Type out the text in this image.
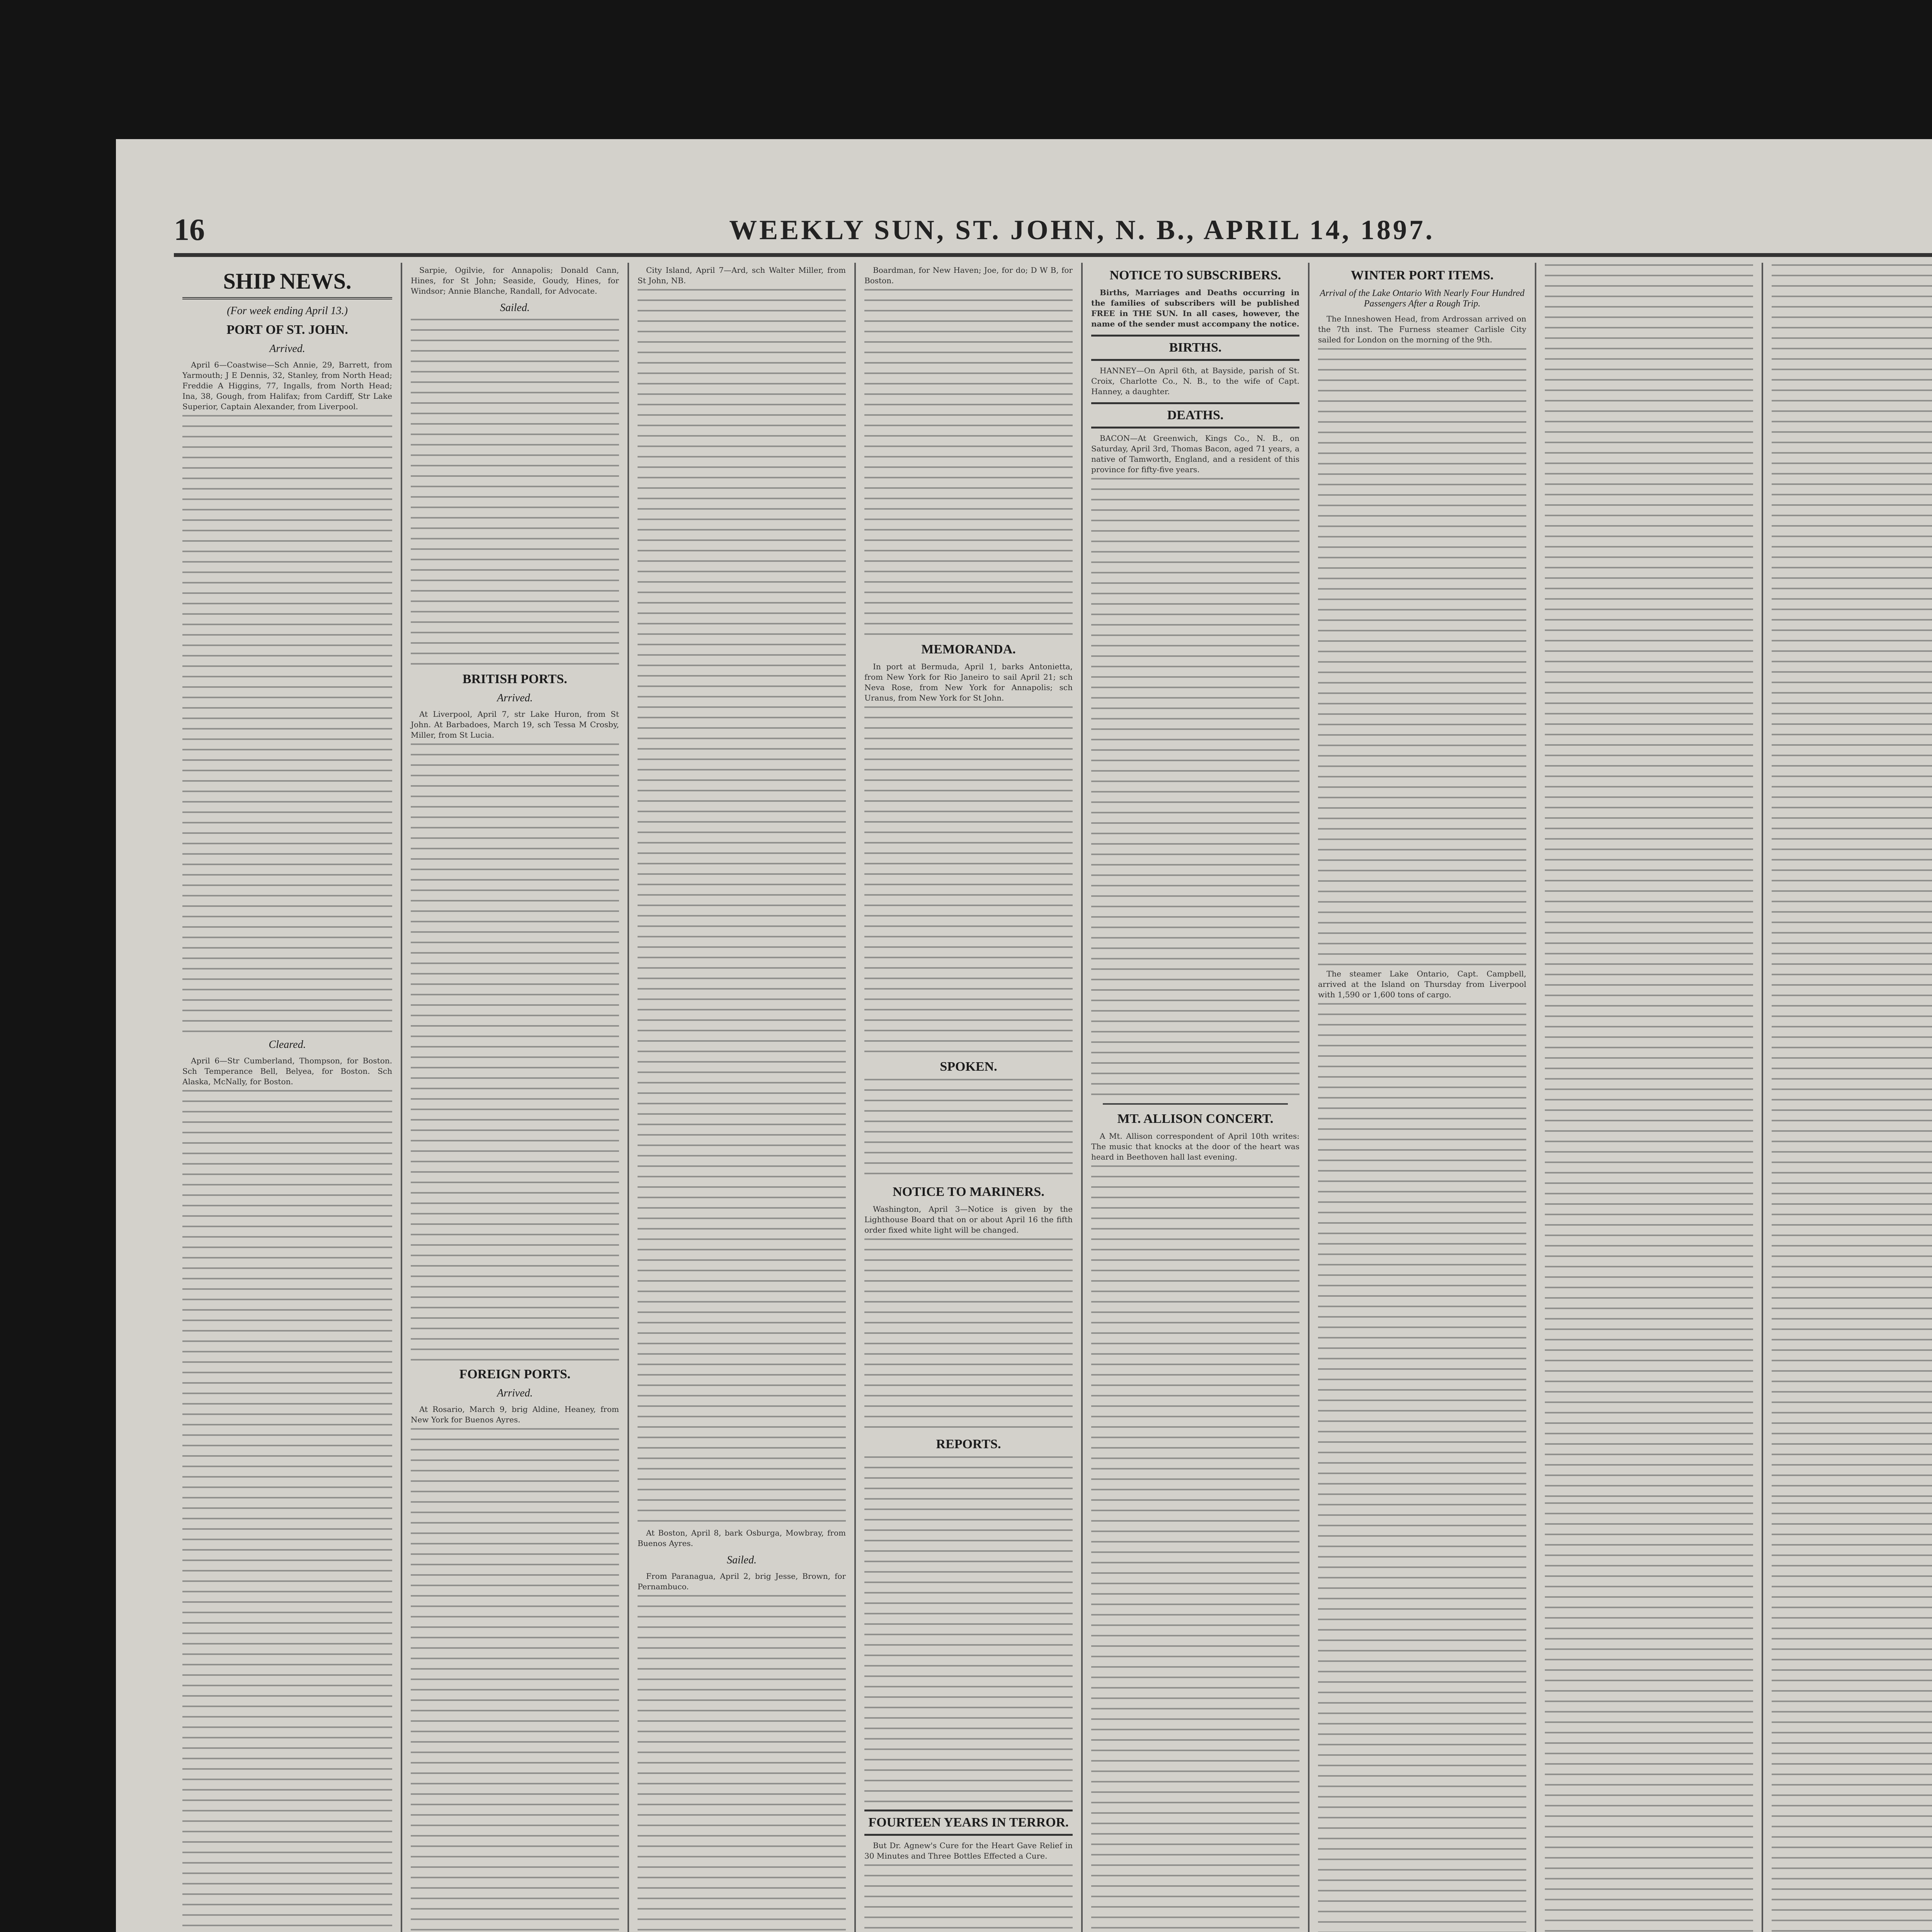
16	WEEKLY SUN, ST. JOHN, N. B., APRIL 14, 1897.
SHIP NEWS.
(For week ending April 13.)
PORT OF ST. JOHN.
Arrived.

April 6—Coastwise—Sch Annie, 29, Barrett, from Yarmouth; J E Dennis, 32, Stanley, from North Head; Freddie A Higgins, 77, Ingalls, from North Head; Ina, 38, Gough, from Halifax; from Cardiff, Str Lake Superior, Captain Alexander, from Liverpool.

Cleared.

April 6—Str Cumberland, Thompson, for Boston. Sch Temperance Bell, Belyea, for Boston. Sch Alaska, McNally, for Boston.

Sarpie, Ogilvie, for Annapolis; Donald Cann, Hines, for St John; Seaside, Goudy, Hines, for Windsor; Annie Blanche, Randall, for Advocate.

Sailed.
BRITISH PORTS.
Arrived.

At Liverpool, April 7, str Lake Huron, from St John. At Barbadoes, March 19, sch Tessa M Crosby, Miller, from St Lucia.

FOREIGN PORTS.
Arrived.

At Rosario, March 9, brig Aldine, Heaney, from New York for Buenos Ayres.

City Island, April 7—Ard, sch Walter Miller, from St John, NB.

At Boston, April 8, bark Osburga, Mowbray, from Buenos Ayres.

Sailed.

From Paranagua, April 2, brig Jesse, Brown, for Pernambuco.

Boardman, for New Haven; Joe, for do; D W B, for Boston.

MEMORANDA.

In port at Bermuda, April 1, barks Antonietta, from New York for Rio Janeiro to sail April 21; sch Neva Rose, from New York for Annapolis; sch Uranus, from New York for St John.

SPOKEN.
NOTICE TO MARINERS.

Washington, April 3—Notice is given by the Lighthouse Board that on or about April 16 the fifth order fixed white light will be changed.

REPORTS.
FOURTEEN YEARS IN TERROR.

But Dr. Agnew's Cure for the Heart Gave Relief in 30 Minutes and Three Bottles Effected a Cure.

NOTICE TO SUBSCRIBERS.

Births, Marriages and Deaths occurring in the families of subscribers will be published FREE in THE SUN. In all cases, however, the name of the sender must accompany the notice.

BIRTHS.

HANNEY—On April 6th, at Bayside, parish of St. Croix, Charlotte Co., N. B., to the wife of Capt. Hanney, a daughter.

DEATHS.

BACON—At Greenwich, Kings Co., N. B., on Saturday, April 3rd, Thomas Bacon, aged 71 years, a native of Tamworth, England, and a resident of this province for fifty-five years.

MT. ALLISON CONCERT.

A Mt. Allison correspondent of April 10th writes: The music that knocks at the door of the heart was heard in Beethoven hall last evening.

WINTER PORT ITEMS.
Arrival of the Lake Ontario With Nearly Four Hundred Passengers After a Rough Trip.

The Inneshowen Head, from Ardrossan arrived on the 7th inst. The Furness steamer Carlisle City sailed for London on the morning of the 9th.

The steamer Lake Ontario, Capt. Campbell, arrived at the Island on Thursday from Liverpool with 1,590 or 1,600 tons of cargo.
